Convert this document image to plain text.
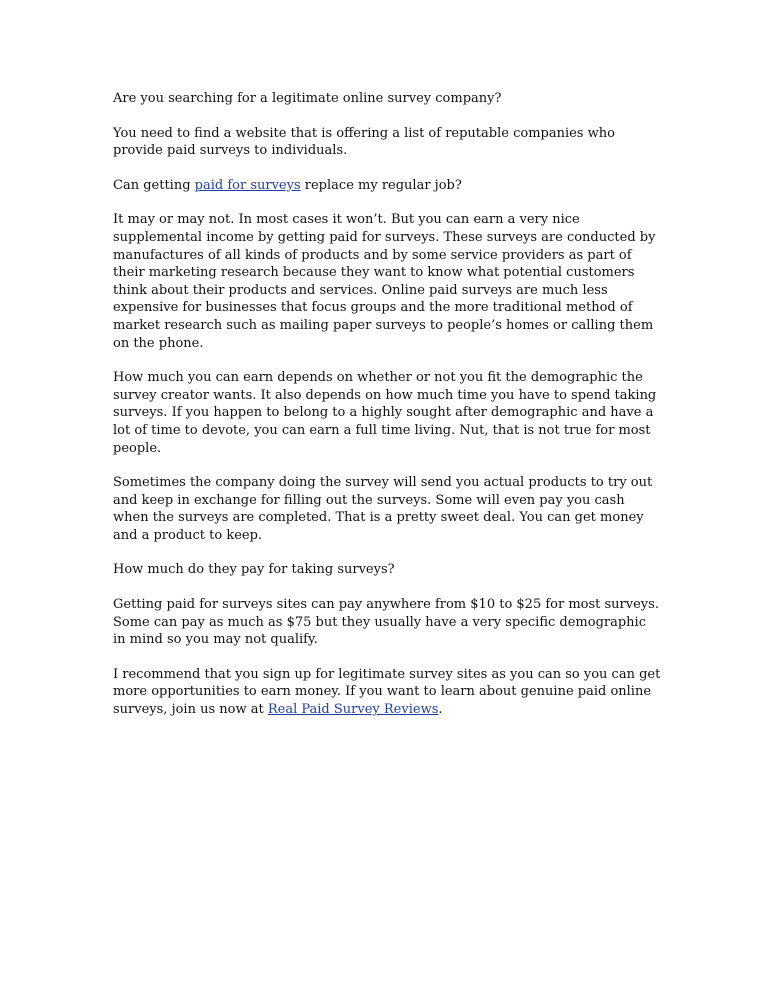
Are you searching for a legitimate online survey company?

You need to find a website that is offering a list of reputable companies who provide paid surveys to individuals.

Can getting paid for surveys replace my regular job?

It may or may not. In most cases it won’t. But you can earn a very nice supplemental income by getting paid for surveys. These surveys are conducted by manufactures of all kinds of products and by some service providers as part of their marketing research because they want to know what potential customers think about their products and services. Online paid surveys are much less expensive for businesses that focus groups and the more traditional method of market research such as mailing paper surveys to people’s homes or calling them on the phone.

How much you can earn depends on whether or not you fit the demographic the survey creator wants. It also depends on how much time you have to spend taking surveys. If you happen to belong to a highly sought after demographic and have a lot of time to devote, you can earn a full time living. Nut, that is not true for most people.

Sometimes the company doing the survey will send you actual products to try out and keep in exchange for filling out the surveys. Some will even pay you cash when the surveys are completed. That is a pretty sweet deal. You can get money and a product to keep.

How much do they pay for taking surveys?

Getting paid for surveys sites can pay anywhere from $10 to $25 for most surveys. Some can pay as much as $75 but they usually have a very specific demographic in mind so you may not qualify.

I recommend that you sign up for legitimate survey sites as you can so you can get more opportunities to earn money. If you want to learn about genuine paid online surveys, join us now at Real Paid Survey Reviews.
